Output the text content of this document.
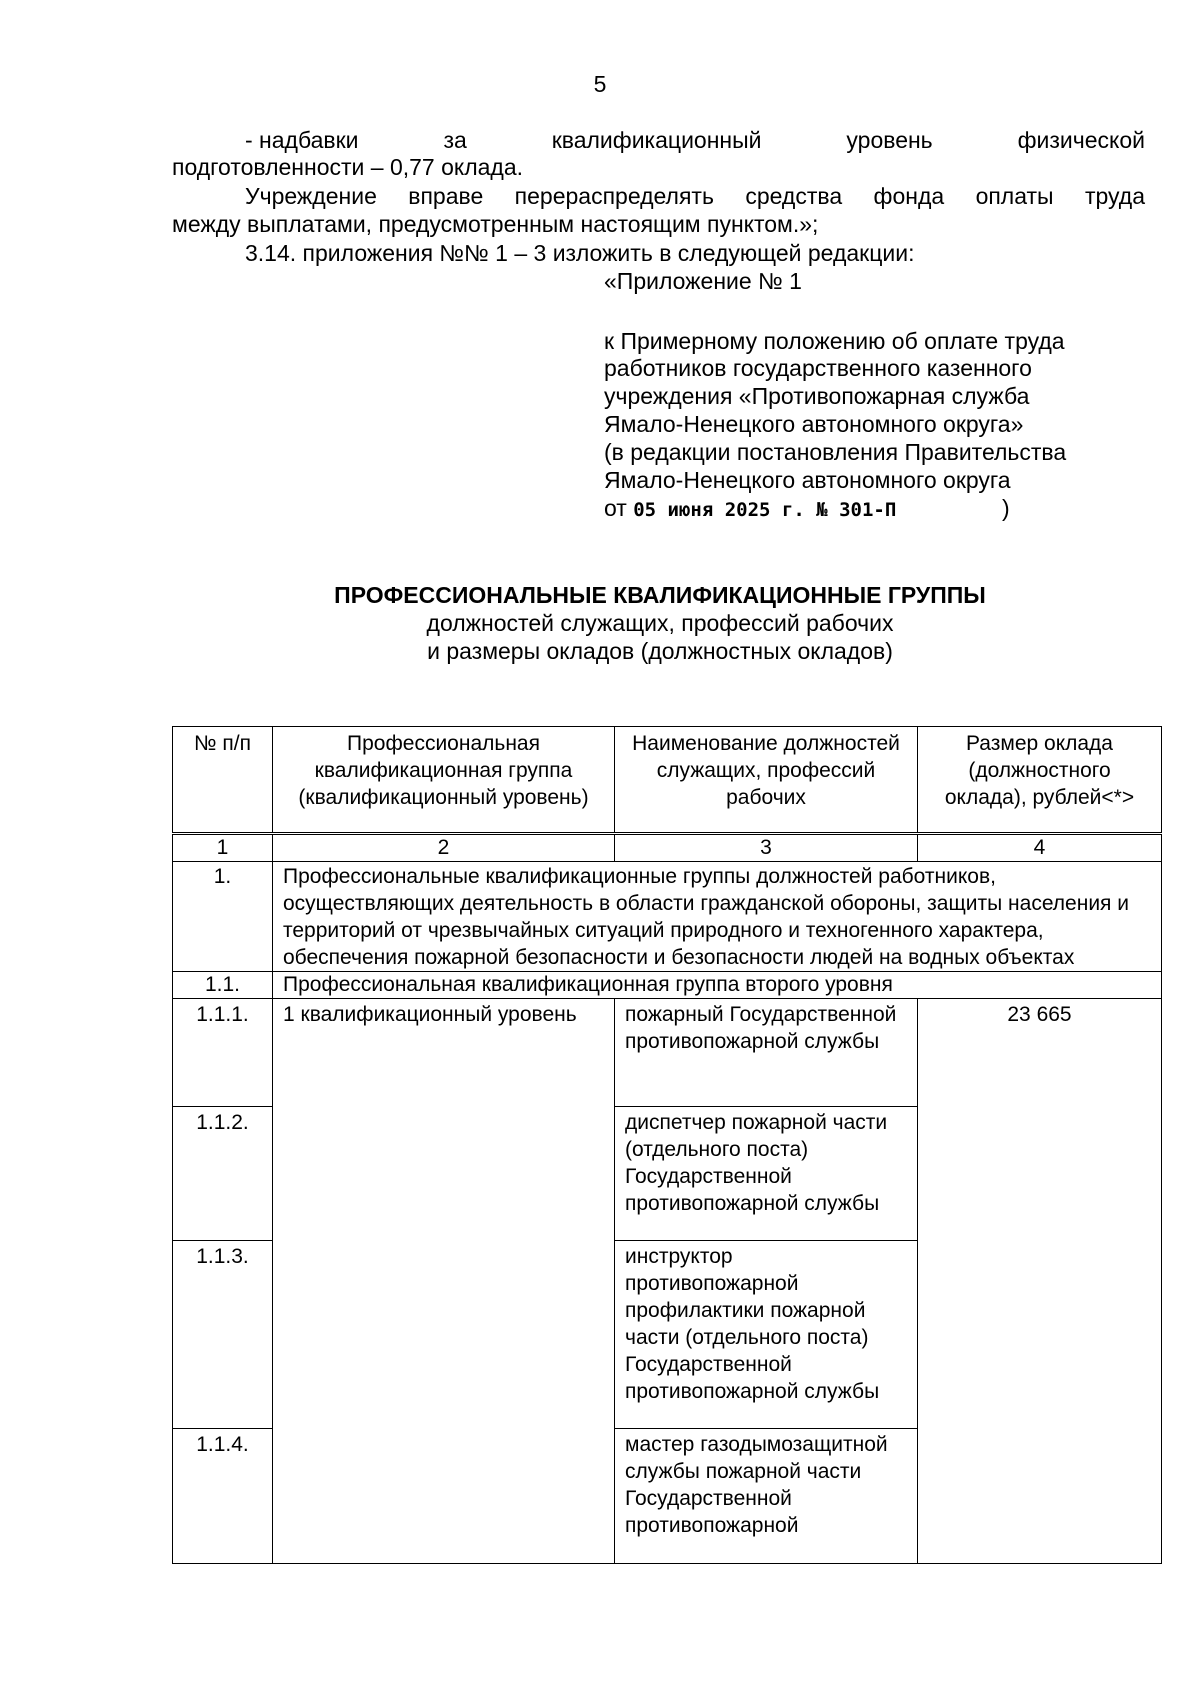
5
- надбавки	за	квалификационный	уровень	физической
подготовленности – 0,77 оклада.
Учреждение вправе перераспределять средства фонда оплаты труда
между выплатами, предусмотренным настоящим пунктом.»;
3.14. приложения №№ 1 – 3 изложить в следующей редакции:
«Приложение № 1
к Примерному положению об оплате труда
работников государственного казенного
учреждения «Противопожарная служба
Ямало-Ненецкого автономного округа»
(в редакции постановления Правительства
Ямало-Ненецкого автономного округа
от 05 июня 2025 г. № 301-П	)
ПРОФЕССИОНАЛЬНЫЕ КВАЛИФИКАЦИОННЫЕ ГРУППЫ
должностей служащих, профессий рабочих
и размеры окладов (должностных окладов)
№ п/п	Профессиональная квалификационная группа (квалификационный уровень)	Наименование должностей служащих, профессий рабочих	Размер оклада (должностного оклада), рублей<*>
1	2	3	4
1.	Профессиональные квалификационные группы должностей работников, осуществляющих деятельность в области гражданской обороны, защиты населения и территорий от чрезвычайных ситуаций природного и техногенного характера, обеспечения пожарной безопасности и безопасности людей на водных объектах		
1.1.	Профессиональная квалификационная группа второго уровня		
1.1.1.	1 квалификационный уровень	пожарный Государственной противопожарной службы	23 665
1.1.2.		диспетчер пожарной части (отдельного поста) Государственной противопожарной службы	
1.1.3.		инструктор противопожарной профилактики пожарной части (отдельного поста) Государственной противопожарной службы	
1.1.4.		мастер газодымозащитной службы пожарной части Государственной противопожарной	
